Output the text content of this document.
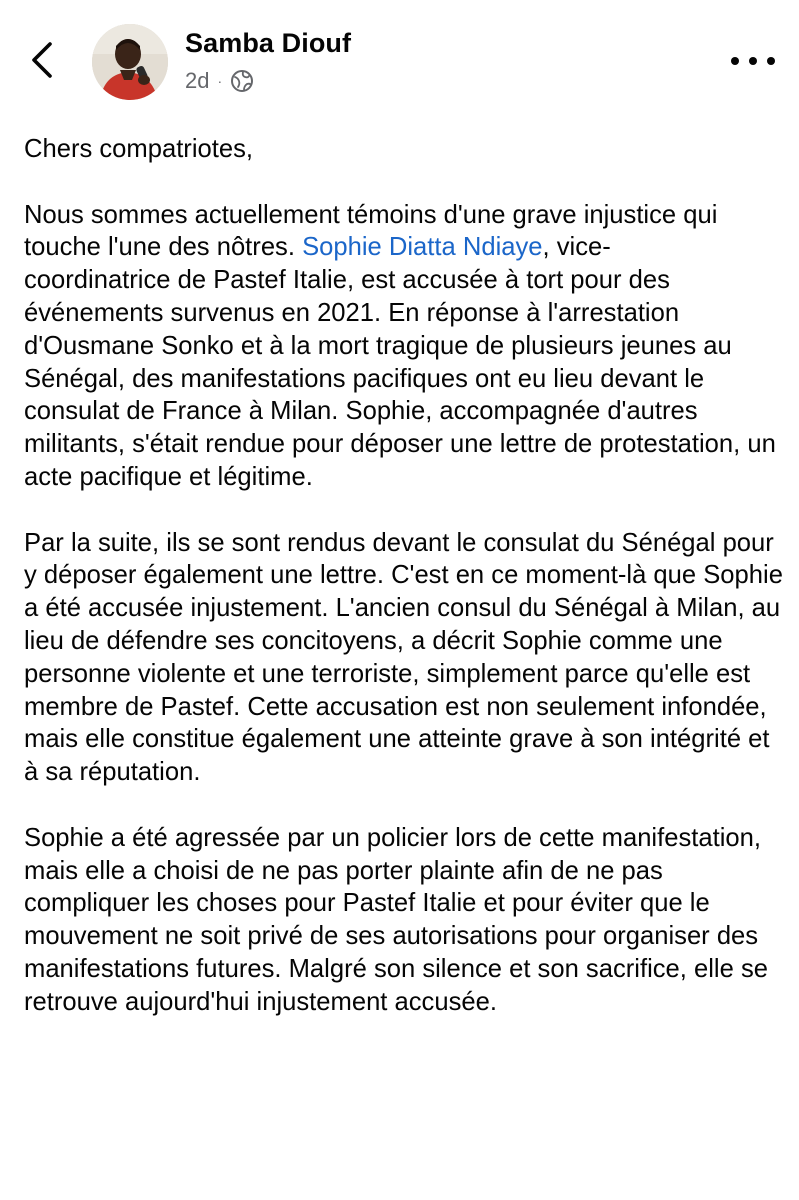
Samba Diouf
2d ·

Chers compatriotes,

Nous sommes actuellement témoins d'une grave injustice qui touche l'une des nôtres. Sophie Diatta Ndiaye, vice-
coordinatrice de Pastef Italie, est accusée à tort pour des événements survenus en 2021. En réponse à l'arrestation d'Ousmane Sonko et à la mort tragique de plusieurs jeunes au Sénégal, des manifestations pacifiques ont eu lieu devant le consulat de France à Milan. Sophie, accompagnée d'autres militants, s'était rendue pour déposer une lettre de protestation, un acte pacifique et légitime.

Par la suite, ils se sont rendus devant le consulat du Sénégal pour y déposer également une lettre. C'est en ce moment-là que Sophie a été accusée injustement. L'ancien consul du Sénégal à Milan, au lieu de défendre ses concitoyens, a décrit Sophie comme une personne violente et une terroriste, simplement parce qu'elle est membre de Pastef. Cette accusation est non seulement infondée, mais elle constitue également une atteinte grave à son intégrité et à sa réputation.

Sophie a été agressée par un policier lors de cette manifestation, mais elle a choisi de ne pas porter plainte afin de ne pas compliquer les choses pour Pastef Italie et pour éviter que le mouvement ne soit privé de ses autorisations pour organiser des manifestations futures. Malgré son silence et son sacrifice, elle se retrouve aujourd'hui injustement accusée.
